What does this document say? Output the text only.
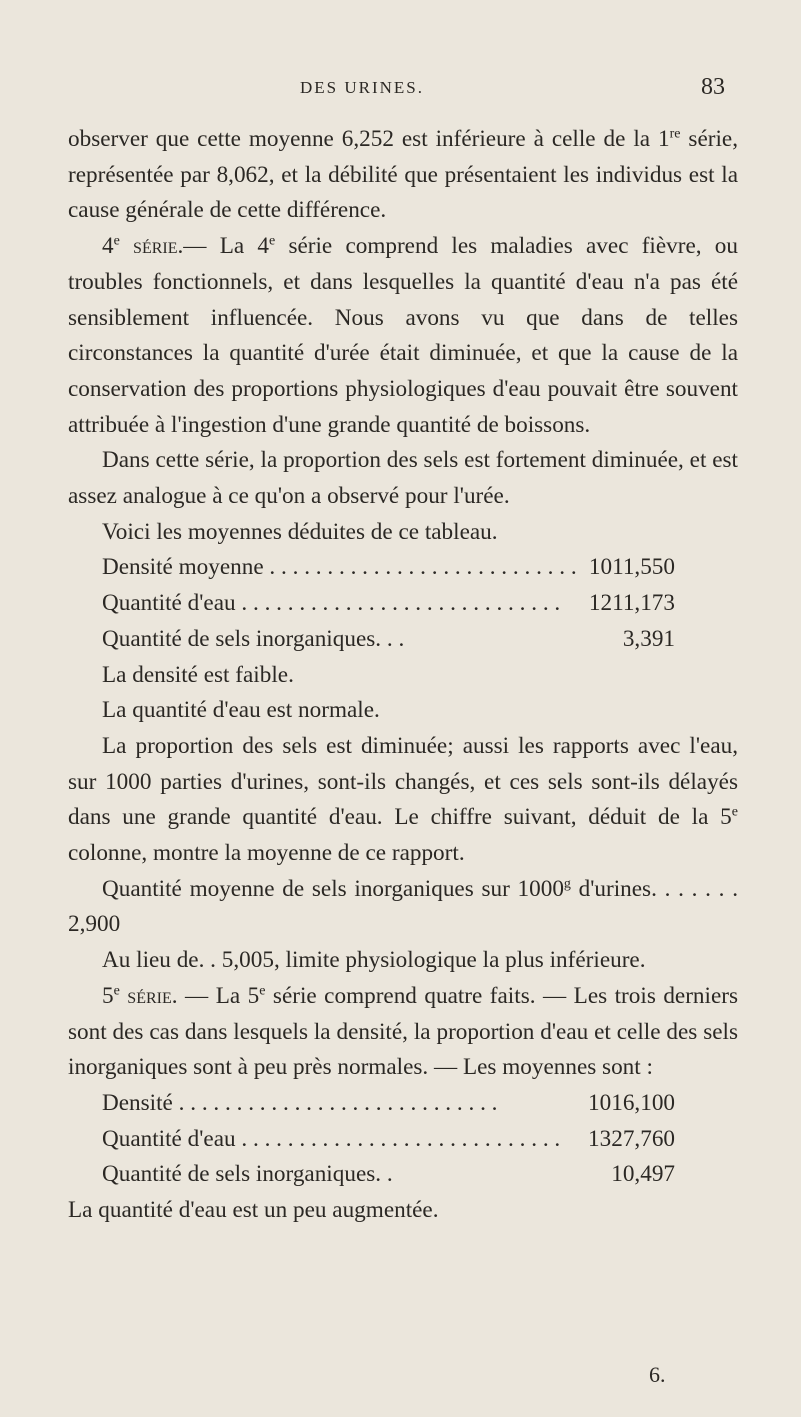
DES URINES.	83

observer que cette moyenne 6,252 est inférieure à celle de la 1re série, représentée par 8,062, et la débilité que présentaient les individus est la cause générale de cette différence.

4e série.— La 4e série comprend les maladies avec fièvre, ou troubles fonctionnels, et dans lesquelles la quantité d'eau n'a pas été sensiblement influencée. Nous avons vu que dans de telles circonstances la quantité d'urée était diminuée, et que la cause de la conservation des proportions physiologiques d'eau pouvait être souvent attribuée à l'ingestion d'une grande quantité de boissons.

Dans cette série, la proportion des sels est fortement diminuée, et est assez analogue à ce qu'on a observé pour l'urée.

Voici les moyennes déduites de ce tableau.

Densité moyenne . . .	1011,550
Quantité d'eau . . .	1211,173
Quantité de sels inorganiques. . .	3,391

La densité est faible.

La quantité d'eau est normale.

La proportion des sels est diminuée; aussi les rapports avec l'eau, sur 1000 parties d'urines, sont-ils changés, et ces sels sont-ils délayés dans une grande quantité d'eau. Le chiffre suivant, déduit de la 5e colonne, montre la moyenne de ce rapport.

Quantité moyenne de sels inorganiques sur 1000$^g$ d'urines. . . . . . . 2,900

Au lieu de. . 5,005, limite physiologique la plus inférieure.

5e série. — La 5e série comprend quatre faits. — Les trois derniers sont des cas dans lesquels la densité, la proportion d'eau et celle des sels inorganiques sont à peu près normales. — Les moyennes sont :

Densité . . .	1016,100
Quantité d'eau . . .	1327,760
Quantité de sels inorganiques. .	10,497

La quantité d'eau est un peu augmentée.

6.
